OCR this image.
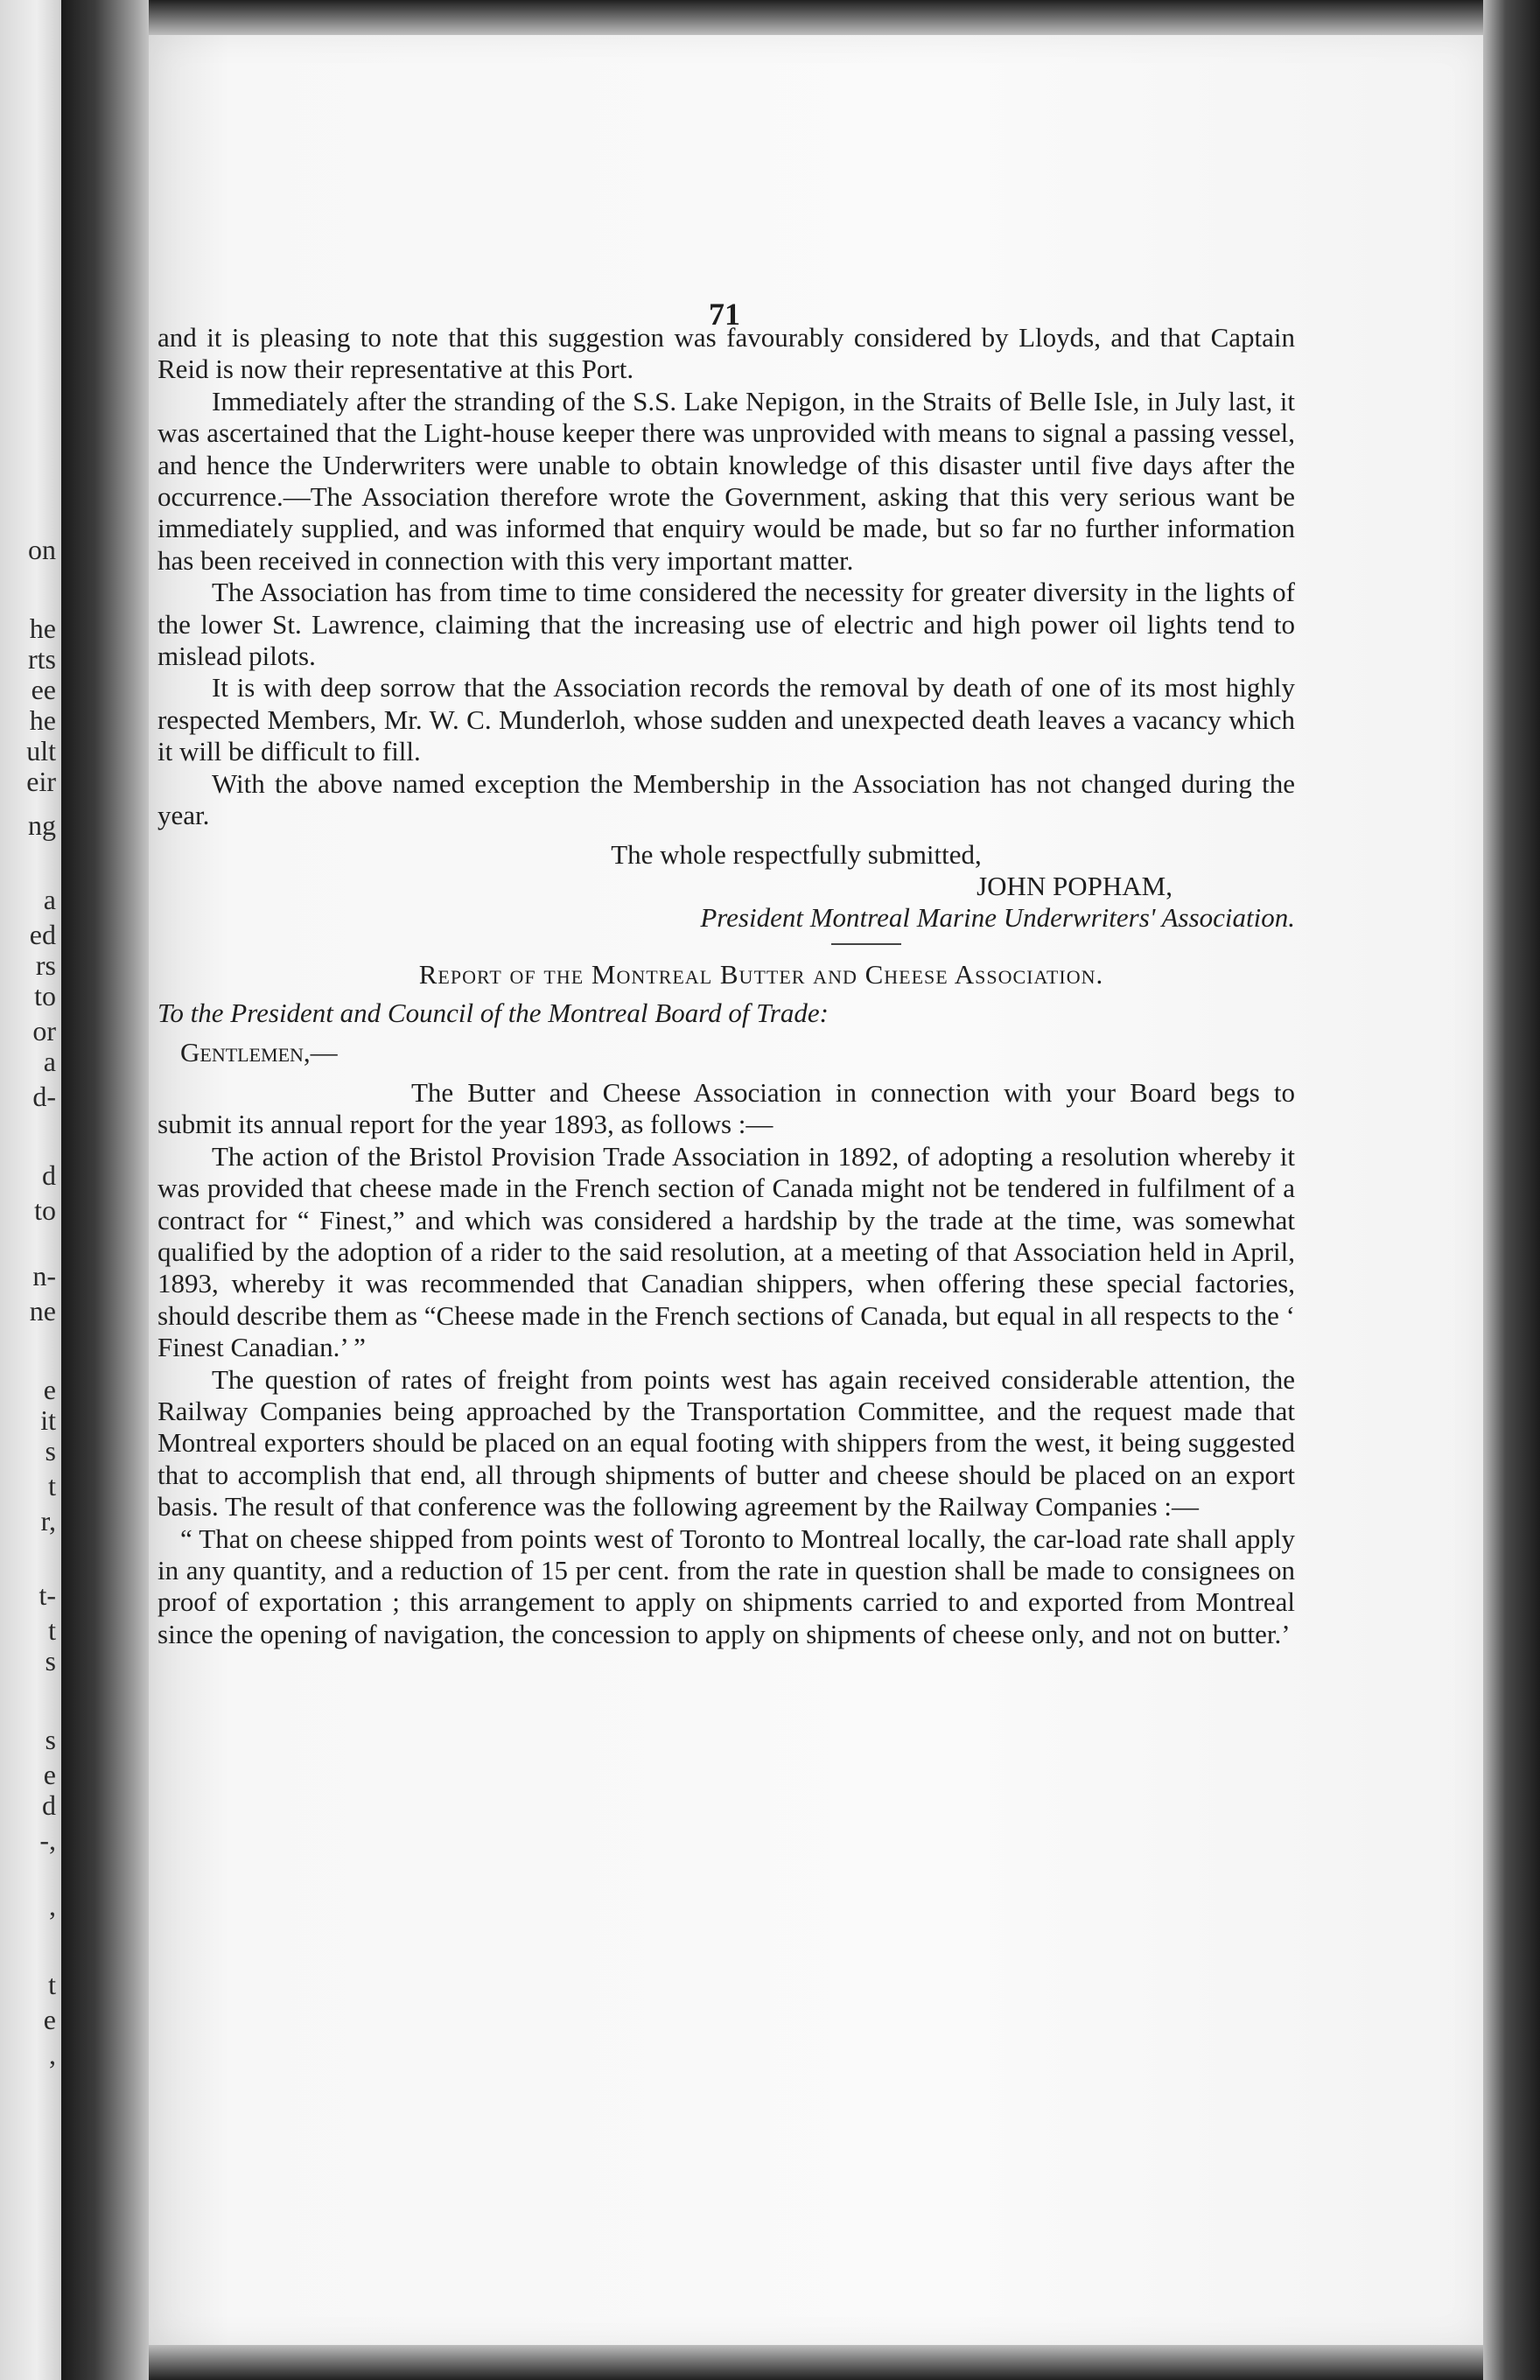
on
he
rts
ee
he
ult
eir
ng
a
ed
rs
to
or
a
d-
d
to
n-
ne
e
it
s
t
r,
t-
t
s
s
e
d
-,
,
t
e
,
71

and it is pleasing to note that this suggestion was favourably considered by Lloyds, and that Captain Reid is now their representative at this Port.

Immediately after the stranding of the S.S. Lake Nepigon, in the Straits of Belle Isle, in July last, it was ascertained that the Light-house keeper there was unprovided with means to signal a passing vessel, and hence the Underwriters were unable to obtain knowledge of this disaster until five days after the occurrence.—The Association therefore wrote the Government, asking that this very serious want be immediately supplied, and was informed that enquiry would be made, but so far no further information has been received in connection with this very important matter.

The Association has from time to time considered the necessity for greater diversity in the lights of the lower St. Lawrence, claiming that the increasing use of electric and high power oil lights tend to mislead pilots.

It is with deep sorrow that the Association records the removal by death of one of its most highly respected Members, Mr. W. C. Munderloh, whose sudden and unexpected death leaves a vacancy which it will be difficult to fill.

With the above named exception the Membership in the Association has not changed during the year.

The whole respectfully submitted,

JOHN POPHAM,

President Montreal Marine Underwriters' Association.

Report of the Montreal Butter and Cheese Association.

To the President and Council of the Montreal Board of Trade:

Gentlemen,—

The Butter and Cheese Association in connection with your Board begs to submit its annual report for the year 1893, as follows :—

The action of the Bristol Provision Trade Association in 1892, of adopting a resolution whereby it was provided that cheese made in the French section of Canada might not be tendered in fulfilment of a contract for “ Finest,” and which was considered a hardship by the trade at the time, was somewhat qualified by the adoption of a rider to the said resolution, at a meeting of that Association held in April, 1893, whereby it was recommended that Canadian shippers, when offering these special factories, should describe them as “Cheese made in the French sections of Canada, but equal in all respects to the ‘ Finest Canadian.’ ”

The question of rates of freight from points west has again received considerable attention, the Railway Companies being approached by the Transportation Committee, and the request made that Montreal exporters should be placed on an equal footing with shippers from the west, it being suggested that to accomplish that end, all through shipments of butter and cheese should be placed on an export basis. The result of that conference was the following agreement by the Railway Companies :—

“ That on cheese shipped from points west of Toronto to Montreal locally, the car-load rate shall apply in any quantity, and a reduction of 15 per cent. from the rate in question shall be made to consignees on proof of exportation ; this arrangement to apply on shipments carried to and exported from Montreal since the opening of navigation, the concession to apply on shipments of cheese only, and not on butter.’
